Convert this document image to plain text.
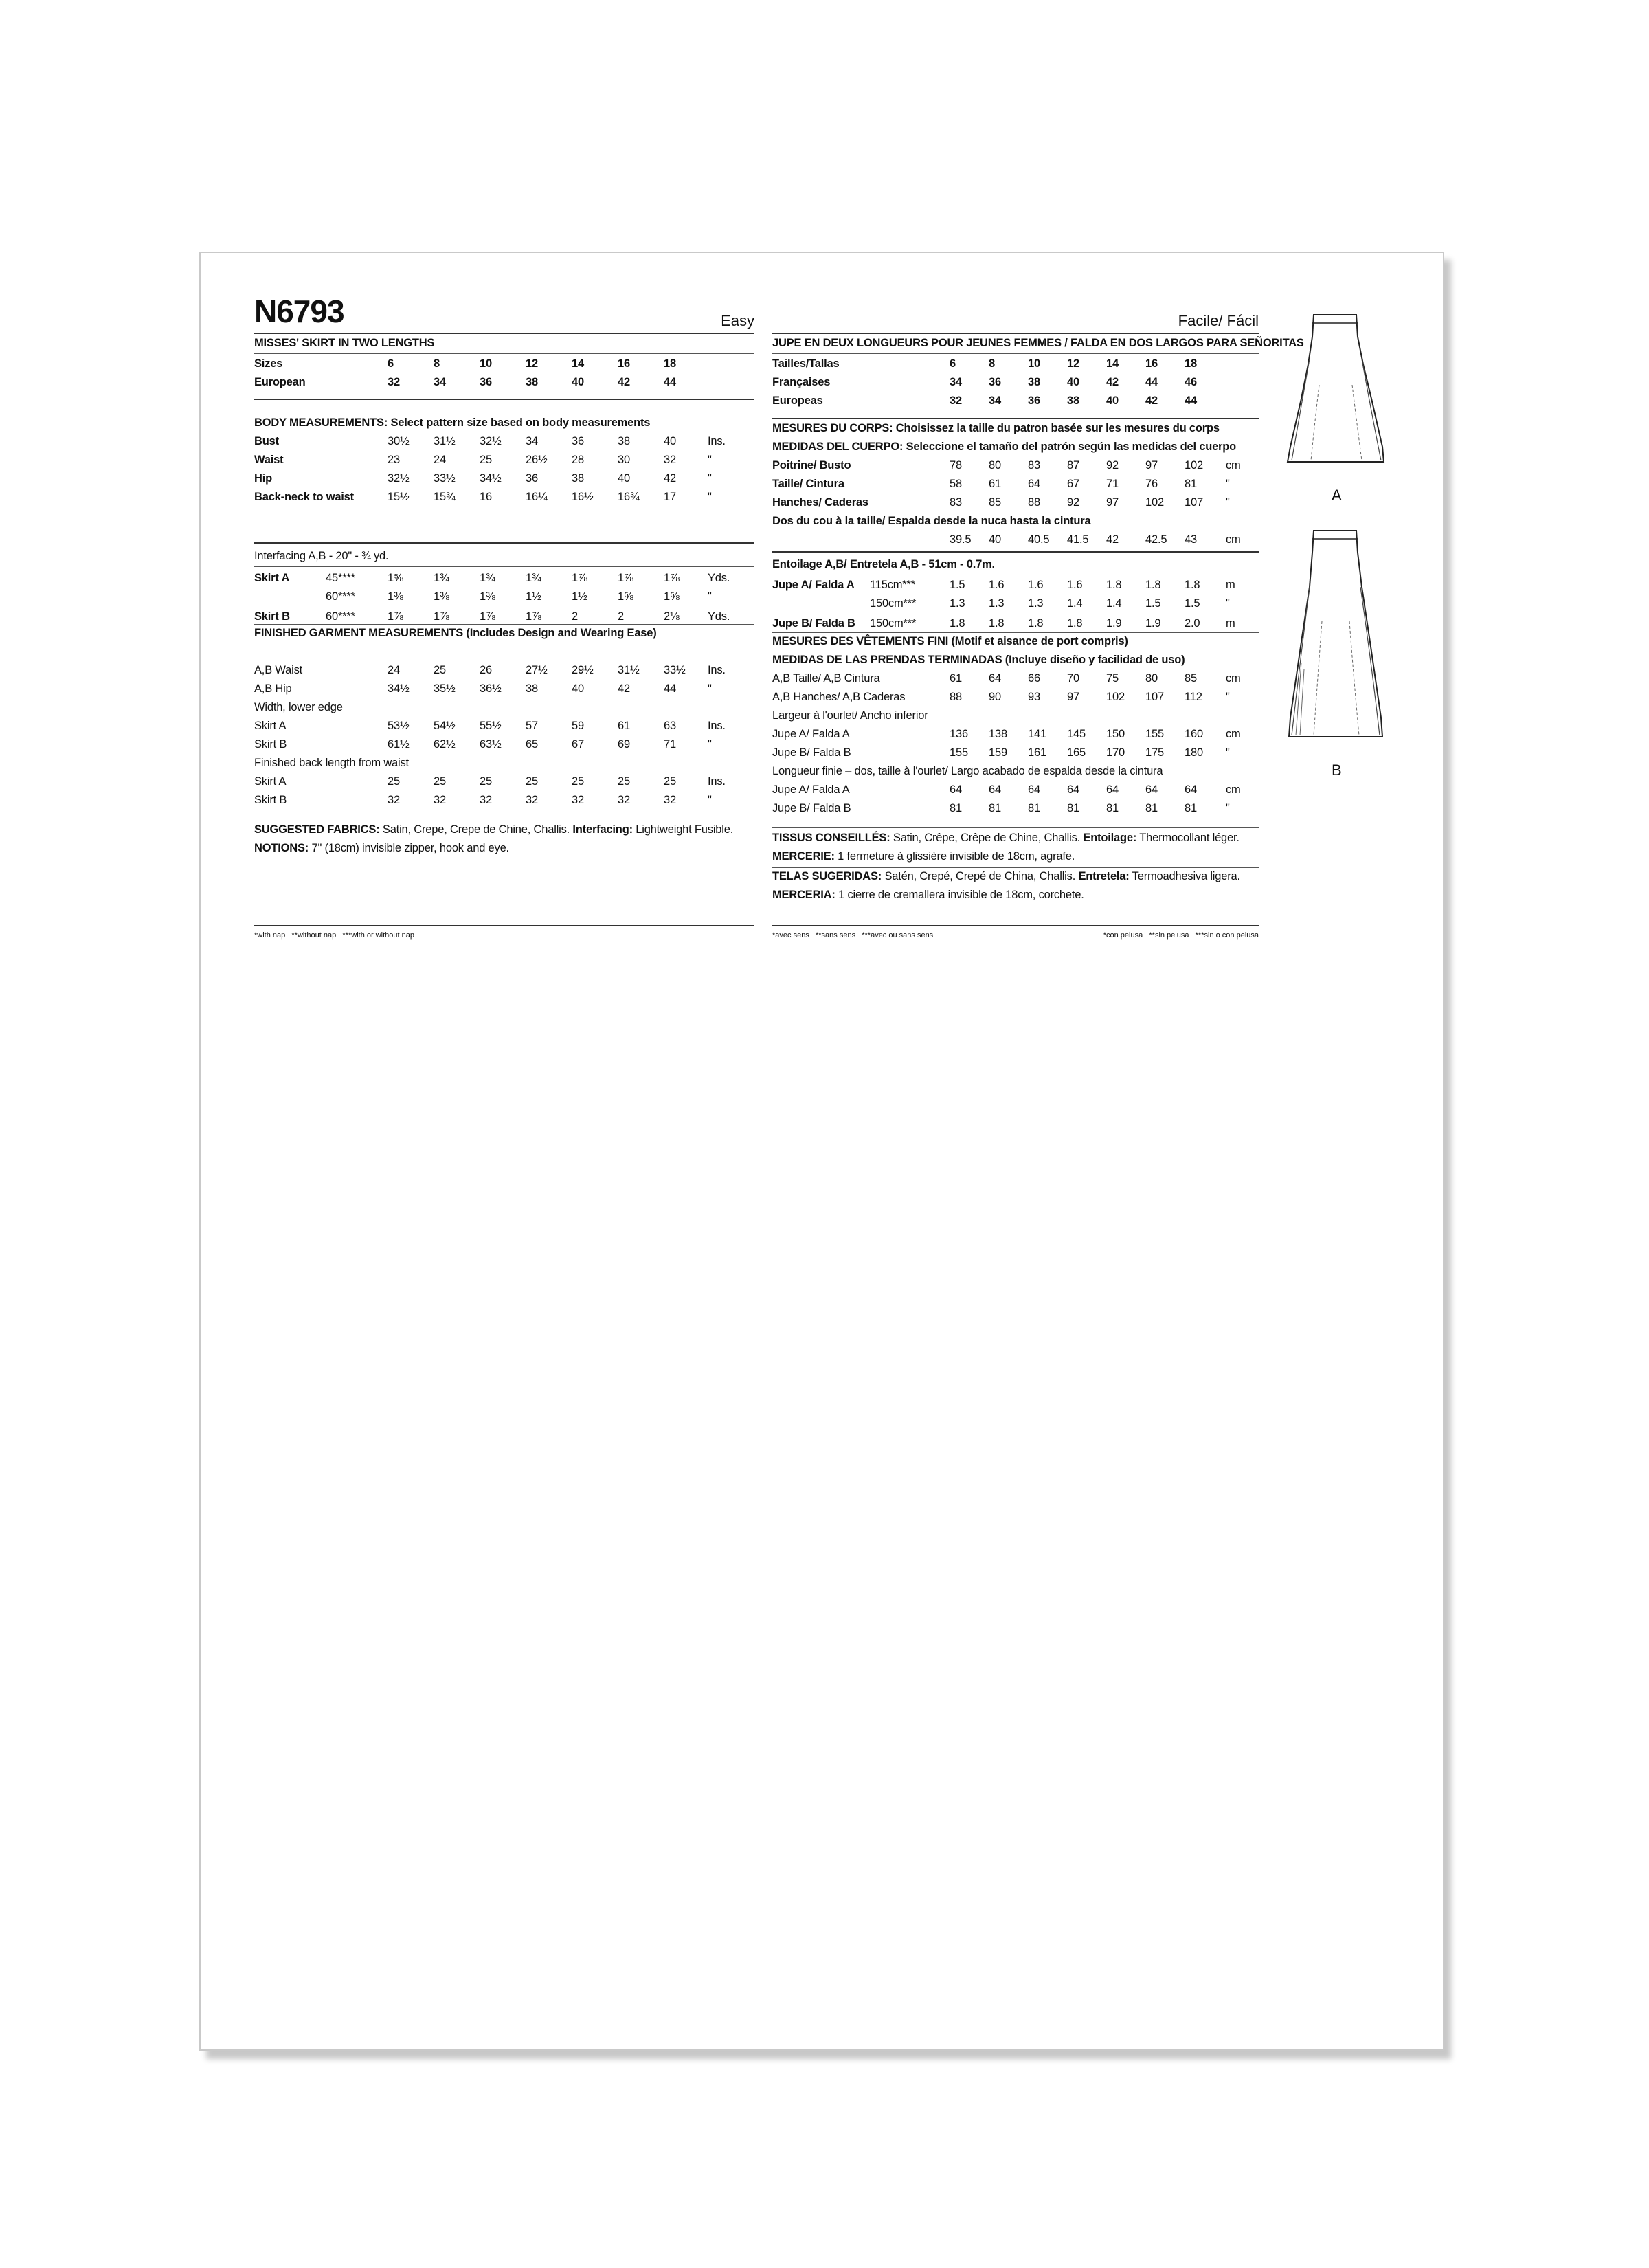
N6793	Easy
MISSES' SKIRT IN TWO LENGTHS
Sizes	6	8	10	12	14	16	18
European	32	34	36	38	40	42	44
BODY MEASUREMENTS: Select pattern size based on body measurements
Bust	30½ 31½ 32½ 34	36	38	40	Ins.
Waist	23	24	25	26½ 28	30	32	"
Hip	32½ 33½ 34½ 36	38	40	42	"
Back-neck to waist	15½ 15¾ 16	16¼ 16½ 16¾ 17	"
Interfacing A,B - 20" - ¾ yd.
Skirt A	45****	1⅝	1¾	1¾	1¾	1⅞	1⅞	1⅞	Yds.
60****	1⅜	1⅜	1⅜	1½	1½	1⅝	1⅝	"
Skirt B	60****	1⅞	1⅞	1⅞	1⅞	2	2	2⅛	Yds.
FINISHED GARMENT MEASUREMENTS (Includes Design and Wearing Ease)
A,B Waist	24	25	26	27½ 29½ 31½ 33½ Ins.
A,B Hip	34½ 35½ 36½ 38	40	42	44	"
Width, lower edge
Skirt A	53½ 54½ 55½ 57	59	61	63	Ins.
Skirt B	61½ 62½ 63½ 65	67	69	71	"
Finished back length from waist
Skirt A	25	25	25	25	25	25	25	Ins.
Skirt B	32	32	32	32	32	32	32	"
SUGGESTED FABRICS: Satin, Crepe, Crepe de Chine, Challis. Interfacing: Lightweight Fusible.
NOTIONS: 7" (18cm) invisible zipper, hook and eye.
*with nap   **without nap   ***with or without nap
Facile/ Fácil
JUPE EN DEUX LONGUEURS POUR JEUNES FEMMES / FALDA EN DOS LARGOS PARA SEÑORITAS
Tailles/Tallas	6	8	10 12 14 16 18
Françaises	34 36 38 40 42 44 46
Europeas	32 34 36 38 40 42 44
MESURES DU CORPS: Choisissez la taille du patron basée sur les mesures du corps
MEDIDAS DEL CUERPO: Seleccione el tamaño del patrón según las medidas del cuerpo
Poitrine/ Busto	78 80 83 87 92 97 102 cm
Taille/ Cintura	58 61 64 67 71 76 81	"
Hanches/ Caderas	83 85 88 92 97 102 107 "
Dos du cou à la taille/ Espalda desde la nuca hasta la cintura
39.5 40 40.5 41.5 42 42.5 43	cm
Entoilage A,B/ Entretela A,B - 51cm - 0.7m.
Jupe A/ Falda A 115cm***	1.5 1.6 1.6 1.6 1.8 1.8 1.8 m
150cm***	1.3 1.3 1.3 1.4 1.4 1.5 1.5 "
Jupe B/ Falda B 150cm***	1.8 1.8 1.8 1.8 1.9 1.9 2.0 m
MESURES DES VÊTEMENTS FINI (Motif et aisance de port compris)
MEDIDAS DE LAS PRENDAS TERMINADAS (Incluye diseño y facilidad de uso)
A,B Taille/ A,B Cintura	61 64 66 70 75 80 85	cm
A,B Hanches/ A,B Caderas	88 90 93 97 102 107 112 "
Largeur à l'ourlet/ Ancho inferior
Jupe A/ Falda A	136 138 141 145 150 155 160 cm
Jupe B/ Falda B	155 159 161 165 170 175 180 "
Longueur finie – dos, taille à l'ourlet/ Largo acabado de espalda desde la cintura
Jupe A/ Falda A	64 64 64 64 64 64 64	cm
Jupe B/ Falda B	81 81 81 81 81 81 81	"
TISSUS CONSEILLÉS: Satin, Crêpe, Crêpe de Chine, Challis. Entoilage: Thermocollant léger.
MERCERIE: 1 fermeture à glissière invisible de 18cm, agrafe.
TELAS SUGERIDAS: Satén, Crepé, Crepé de China, Challis. Entretela: Termoadhesiva ligera.
MERCERIA: 1 cierre de cremallera invisible de 18cm, corchete.
*avec sens   **sans sens   ***avec ou sans sens	*con pelusa   **sin pelusa   ***sin o con pelusa
A
B
